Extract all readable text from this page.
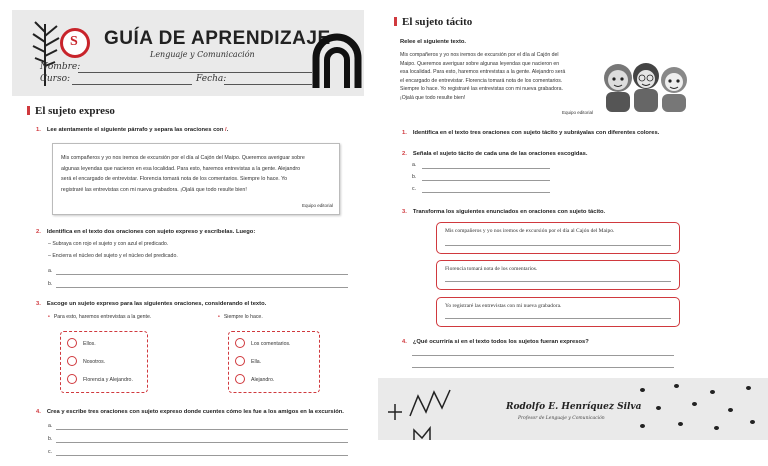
S GUÍA DE APRENDIZAJE
Lenguaje y Comunicación
Nombre:
Curso:	Fecha:
El sujeto expreso
1. Lee atentamente el siguiente párrafo y separa las oraciones con /.
Mis compañeros y yo nos iremos de excursión por el día al Cajón del Maipo. Queremos averiguar sobre
algunas leyendas que nacieron en esa localidad. Para esto, haremos entrevistas a la gente. Alejandro
será el encargado de entrevistar. Florencia tomará nota de los comentarios. Siempre lo hace. Yo
registraré las entrevistas con mi nueva grabadora. ¡Ojalá que todo resulte bien!
Equipo editorial
2. Identifica en el texto dos oraciones con sujeto expreso y escríbelas. Luego:
– Subraya con rojo el sujeto y con azul el predicado.
– Encierra el núcleo del sujeto y el núcleo del predicado.
a.
b.
3. Escoge un sujeto expreso para las siguientes oraciones, considerando el texto.
• Para esto, haremos entrevistas a la gente.
Ellos.
Nosotros.
Florencia y Alejandro.
• Siempre lo hace.
Los comentarios.
Ella.
Alejandro.
4. Crea y escribe tres oraciones con sujeto expreso donde cuentes cómo les fue a los amigos en la excursión.
a.
b.
c.
El sujeto tácito
Relee el siguiente texto.
Mis compañeros y yo nos iremos de excursión por el día al Cajón del
Maipo. Queremos averiguar sobre algunas leyendas que nacieron en
esa localidad. Para esto, haremos entrevistas a la gente. Alejandro será
el encargado de entrevistar. Florencia tomará nota de los comentarios.
Siempre lo hace. Yo registraré las entrevistas con mi nueva grabadora.
¡Ojalá que todo resulte bien!
Equipo editorial
1. Identifica en el texto tres oraciones con sujeto tácito y subráyalas con diferentes colores.
2. Señala el sujeto tácito de cada una de las oraciones escogidas.
a.
b.
c.
3. Transforma los siguientes enunciados en oraciones con sujeto tácito.
Mis compañeros y yo nos iremos de excursión por el día al Cajón del Maipo.
Florencia tomará nota de los comentarios.
Yo registraré las entrevistas con mi nueva grabadora.
4. ¿Qué ocurriría si en el texto todos los sujetos fueran expresos?
Rodolfo E. Henríquez Silva
Profesor de Lenguaje y Comunicación
